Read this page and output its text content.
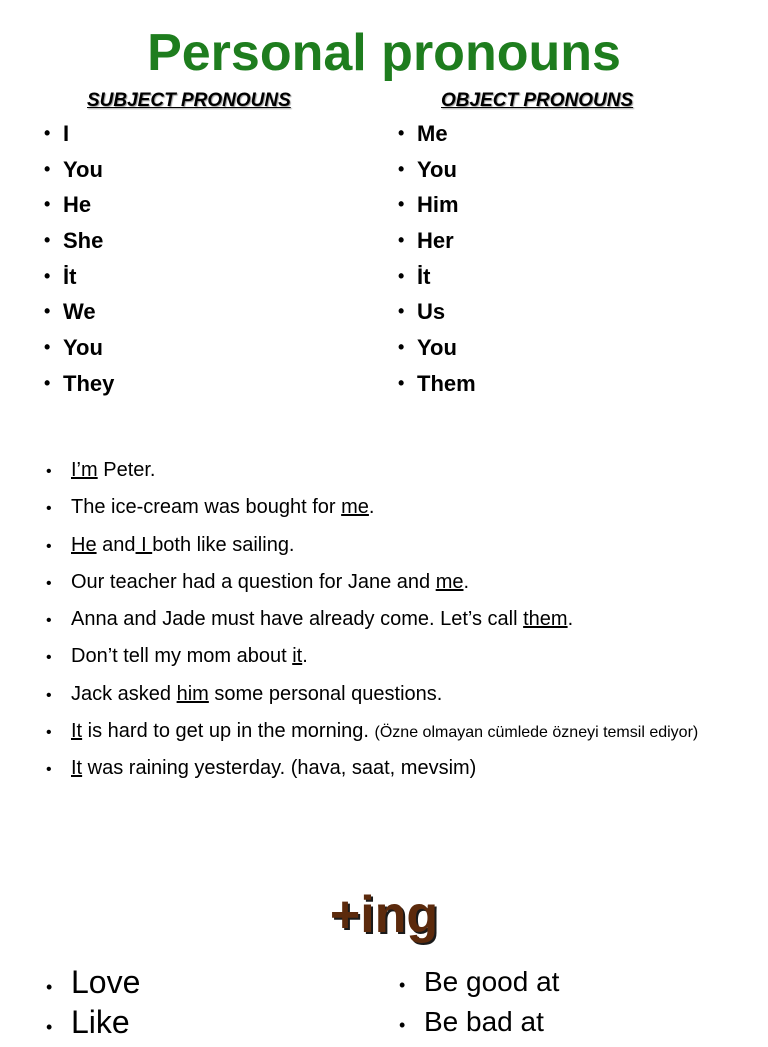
Personal pronouns
SUBJECT PRONOUNS	OBJECT PRONOUNS
• I
• You
• He
• She
• İt
• We
• You
• They
• Me
• You
• Him
• Her
• İt
• Us
• You
• Them
• I’m Peter.
• The ice-cream was bought for me.
• He and I both like sailing.
• Our teacher had a question for Jane and me.
• Anna and Jade must have already come. Let’s call them.
• Don’t tell my mom about it.
• Jack asked him some personal questions.
• It is hard to get up in the morning. (Özne olmayan cümlede özneyi temsil ediyor)
• It was raining yesterday. (hava, saat, mevsim)
+ing
• Love
• Like
• Be good at
• Be bad at
